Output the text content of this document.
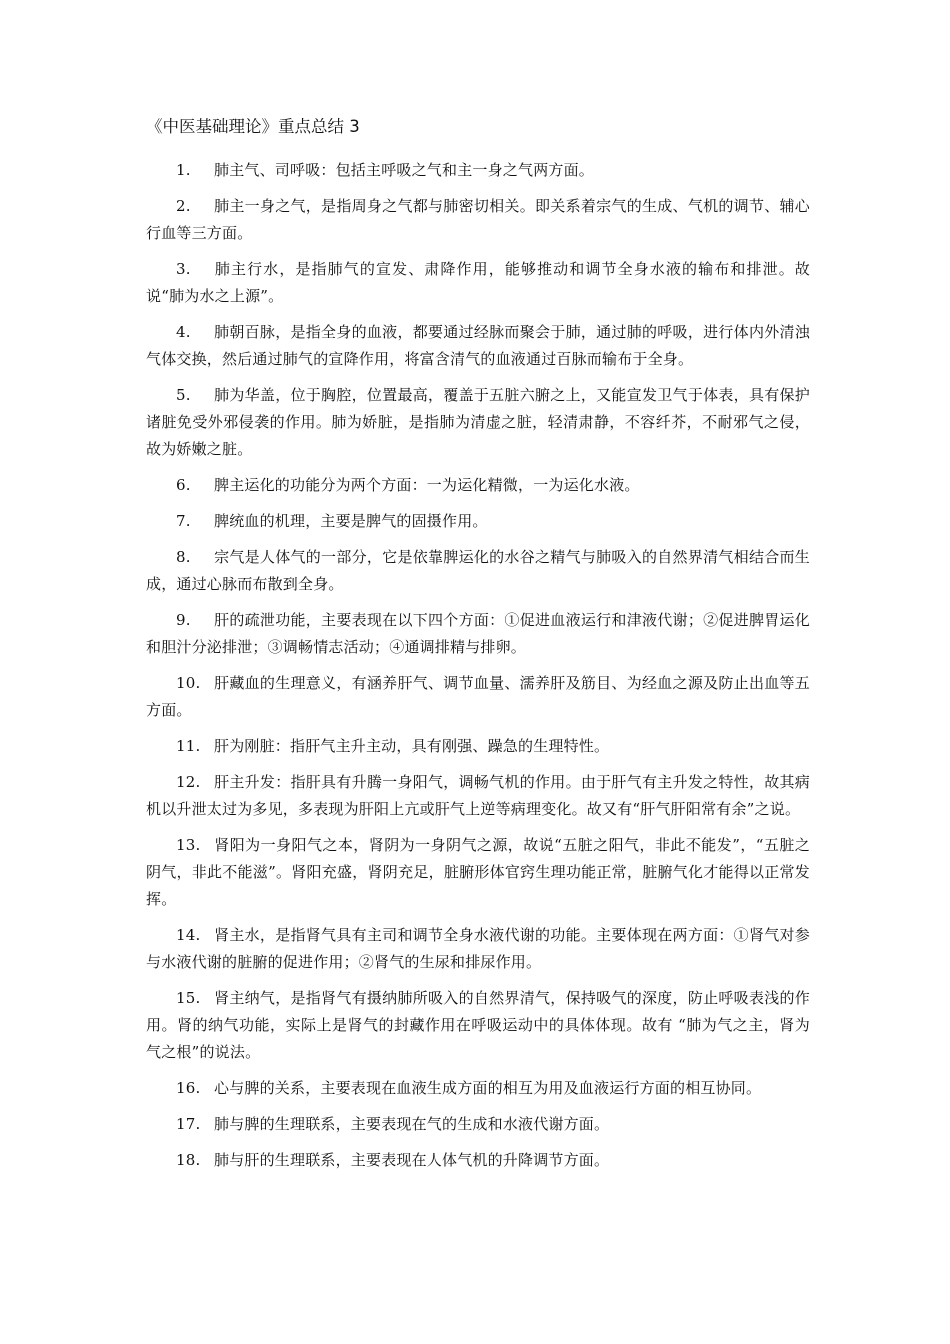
《中医基础理论》重点总结 3

1. 肺主气、司呼吸：包括主呼吸之气和主一身之气两方面。

2. 肺主一身之气，是指周身之气都与肺密切相关。即关系着宗气的生成、气机的调节、辅心行血等三方面。

3. 肺主行水，是指肺气的宣发、肃降作用，能够推动和调节全身水液的输布和排泄。故说“肺为水之上源”。

4. 肺朝百脉，是指全身的血液，都要通过经脉而聚会于肺，通过肺的呼吸，进行体内外清浊气体交换，然后通过肺气的宣降作用，将富含清气的血液通过百脉而输布于全身。

5. 肺为华盖，位于胸腔，位置最高，覆盖于五脏六腑之上，又能宣发卫气于体表，具有保护诸脏免受外邪侵袭的作用。肺为娇脏，是指肺为清虚之脏，轻清肃静，不容纤芥，不耐邪气之侵，故为娇嫩之脏。

6. 脾主运化的功能分为两个方面：一为运化精微，一为运化水液。

7. 脾统血的机理，主要是脾气的固摄作用。

8. 宗气是人体气的一部分，它是依靠脾运化的水谷之精气与肺吸入的自然界清气相结合而生成，通过心脉而布散到全身。

9. 肝的疏泄功能，主要表现在以下四个方面：①促进血液运行和津液代谢；②促进脾胃运化和胆汁分泌排泄；③调畅情志活动；④通调排精与排卵。

10. 肝藏血的生理意义，有涵养肝气、调节血量、濡养肝及筋目、为经血之源及防止出血等五方面。

11. 肝为刚脏：指肝气主升主动，具有刚强、躁急的生理特性。

12. 肝主升发：指肝具有升腾一身阳气，调畅气机的作用。由于肝气有主升发之特性，故其病机以升泄太过为多见，多表现为肝阳上亢或肝气上逆等病理变化。故又有“肝气肝阳常有余”之说。

13. 肾阳为一身阳气之本，肾阴为一身阴气之源，故说“五脏之阳气，非此不能发”，“五脏之阴气，非此不能滋”。肾阳充盛，肾阴充足，脏腑形体官窍生理功能正常，脏腑气化才能得以正常发挥。

14. 肾主水，是指肾气具有主司和调节全身水液代谢的功能。主要体现在两方面：①肾气对参与水液代谢的脏腑的促进作用；②肾气的生尿和排尿作用。

15. 肾主纳气，是指肾气有摄纳肺所吸入的自然界清气，保持吸气的深度，防止呼吸表浅的作用。肾的纳气功能，实际上是肾气的封藏作用在呼吸运动中的具体体现。故有 “肺为气之主，肾为气之根”的说法。

16. 心与脾的关系，主要表现在血液生成方面的相互为用及血液运行方面的相互协同。

17. 肺与脾的生理联系，主要表现在气的生成和水液代谢方面。

18. 肺与肝的生理联系，主要表现在人体气机的升降调节方面。
